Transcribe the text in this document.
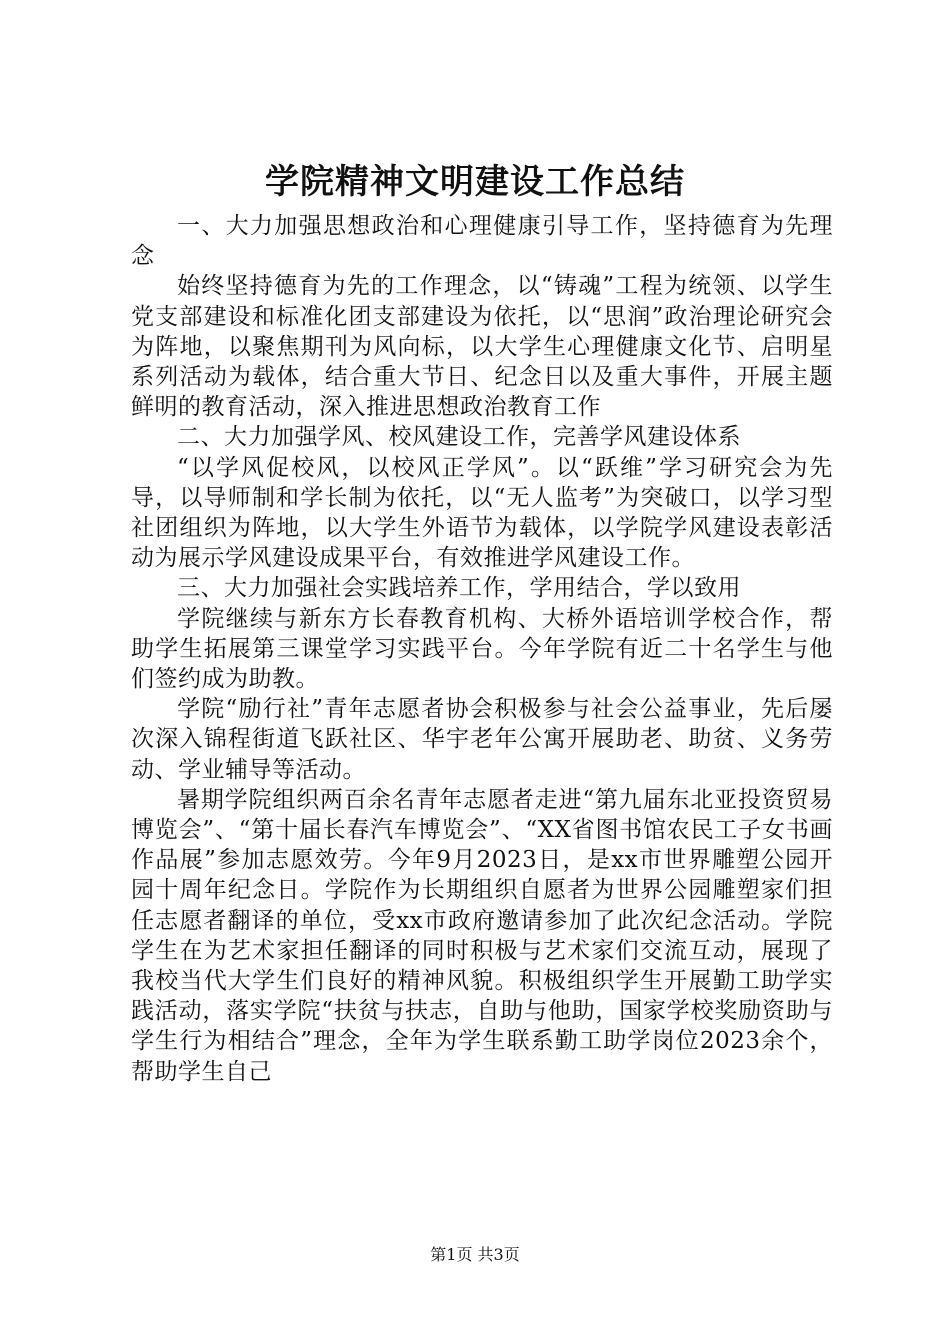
学院精神文明建设工作总结

一、大力加强思想政治和心理健康引导工作，坚持德育为先理念

始终坚持德育为先的工作理念，以“铸魂”工程为统领、以学生党支部建设和标准化团支部建设为依托，以“思润”政治理论研究会为阵地，以聚焦期刊为风向标，以大学生心理健康文化节、启明星系列活动为载体，结合重大节日、纪念日以及重大事件，开展主题鲜明的教育活动，深入推进思想政治教育工作

二、大力加强学风、校风建设工作，完善学风建设体系

“以学风促校风，以校风正学风”。以“跃维”学习研究会为先导，以导师制和学长制为依托，以“无人监考”为突破口，以学习型社团组织为阵地，以大学生外语节为载体，以学院学风建设表彰活动为展示学风建设成果平台，有效推进学风建设工作。

三、大力加强社会实践培养工作，学用结合，学以致用

学院继续与新东方长春教育机构、大桥外语培训学校合作，帮助学生拓展第三课堂学习实践平台。今年学院有近二十名学生与他们签约成为助教。

学院“励行社”青年志愿者协会积极参与社会公益事业，先后屡次深入锦程街道飞跃社区、华宇老年公寓开展助老、助贫、义务劳动、学业辅导等活动。

暑期学院组织两百余名青年志愿者走进“第九届东北亚投资贸易博览会”、“第十届长春汽车博览会”、“XX省图书馆农民工子女书画作品展”参加志愿效劳。今年9月2023日，是xx市世界雕塑公园开园十周年纪念日。学院作为长期组织自愿者为世界公园雕塑家们担任志愿者翻译的单位，受xx市政府邀请参加了此次纪念活动。学院学生在为艺术家担任翻译的同时积极与艺术家们交流互动，展现了我校当代大学生们良好的精神风貌。积极组织学生开展勤工助学实践活动，落实学院“扶贫与扶志，自助与他助，国家学校奖励资助与学生行为相结合”理念，全年为学生联系勤工助学岗位2023余个，帮助学生自己

第1页 共3页
